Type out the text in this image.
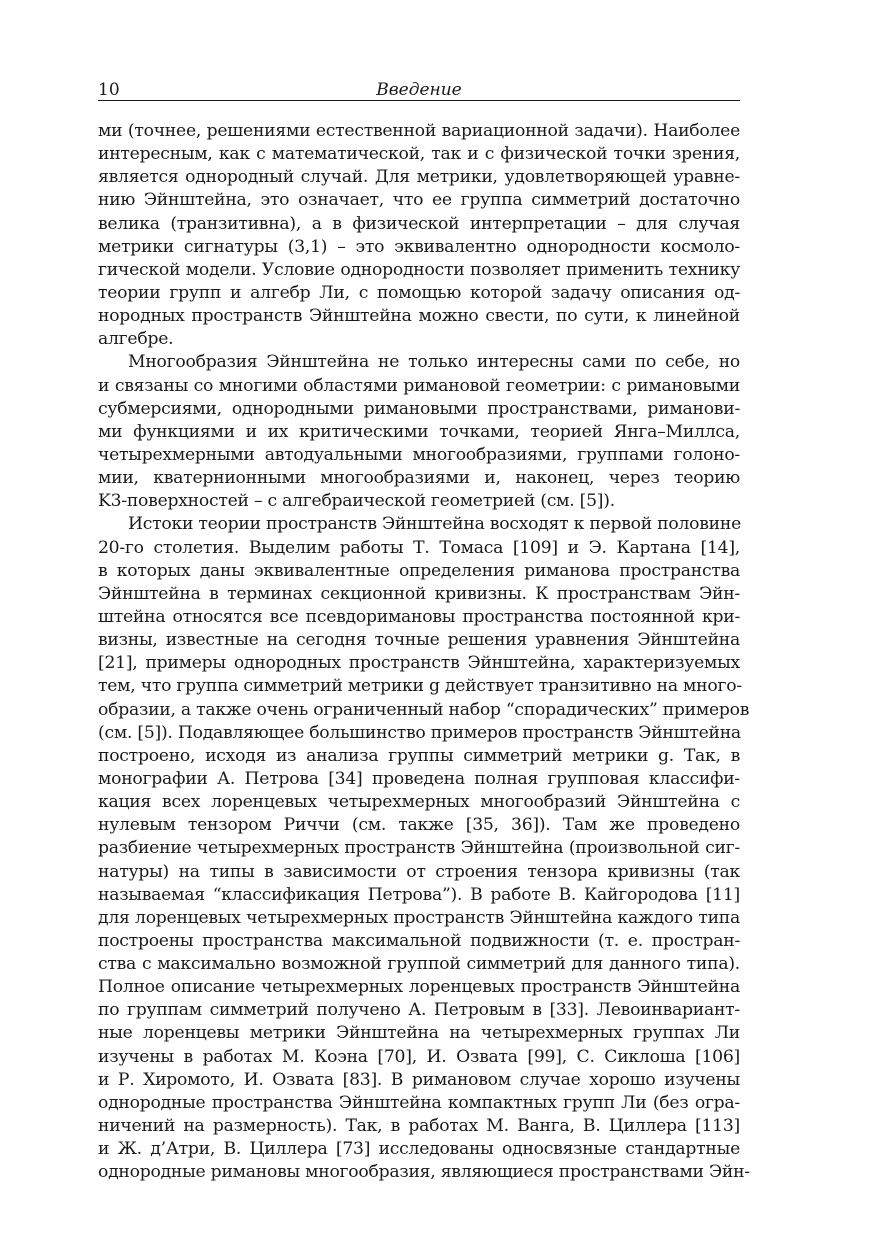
10	Введение
ми (точнее, решениями естественной вариационной задачи). Наиболее
интересным, как с математической, так и с физической точки зрения,
является однородный случай. Для метрики, удовлетворяющей уравне-
нию Эйнштейна, это означает, что ее группа симметрий достаточно
велика (транзитивна), а в физической интерпретации – для случая
метрики сигнатуры (3,1) – это эквивалентно однородности космоло-
гической модели. Условие однородности позволяет применить технику
теории групп и алгебр Ли, с помощью которой задачу описания од-
нородных пространств Эйнштейна можно свести, по сути, к линейной
алгебре.
Многообразия Эйнштейна не только интересны сами по себе, но
и связаны со многими областями римановой геометрии: с римановыми
субмерсиями, однородными римановыми пространствами, риманови-
ми функциями и их критическими точками, теорией Янга–Миллса,
четырехмерными автодуальными многообразиями, группами голоно-
мии, кватернионными многообразиями и, наконец, через теорию
K3-поверхностей – с алгебраической геометрией (см. [5]).
Истоки теории пространств Эйнштейна восходят к первой половине
20-го столетия. Выделим работы Т. Томаса [109] и Э. Картана [14],
в которых даны эквивалентные определения риманова пространства
Эйнштейна в терминах секционной кривизны. К пространствам Эйн-
штейна относятся все псевдоримановы пространства постоянной кри-
визны, известные на сегодня точные решения уравнения Эйнштейна
[21], примеры однородных пространств Эйнштейна, характеризуемых
тем, что группа симметрий метрики g действует транзитивно на много-
образии, а также очень ограниченный набор “спорадических” примеров
(см. [5]). Подавляющее большинство примеров пространств Эйнштейна
построено, исходя из анализа группы симметрий метрики g. Так, в
монографии А. Петрова [34] проведена полная групповая классифи-
кация всех лоренцевых четырехмерных многообразий Эйнштейна с
нулевым тензором Риччи (см. также [35, 36]). Там же проведено
разбиение четырехмерных пространств Эйнштейна (произвольной сиг-
натуры) на типы в зависимости от строения тензора кривизны (так
называемая “классификация Петрова”). В работе В. Кайгородова [11]
для лоренцевых четырехмерных пространств Эйнштейна каждого типа
построены пространства максимальной подвижности (т. е. простран-
ства с максимально возможной группой симметрий для данного типа).
Полное описание четырехмерных лоренцевых пространств Эйнштейна
по группам симметрий получено А. Петровым в [33]. Левоинвариант-
ные лоренцевы метрики Эйнштейна на четырехмерных группах Ли
изучены в работах М. Коэна [70], И. Озвата [99], С. Сиклоша [106]
и Р. Хиромото, И. Озвата [83]. В римановом случае хорошо изучены
однородные пространства Эйнштейна компактных групп Ли (без огра-
ничений на размерность). Так, в работах М. Ванга, В. Циллера [113]
и Ж. д’Атри, В. Циллера [73] исследованы односвязные стандартные
однородные римановы многообразия, являющиеся пространствами Эйн-
